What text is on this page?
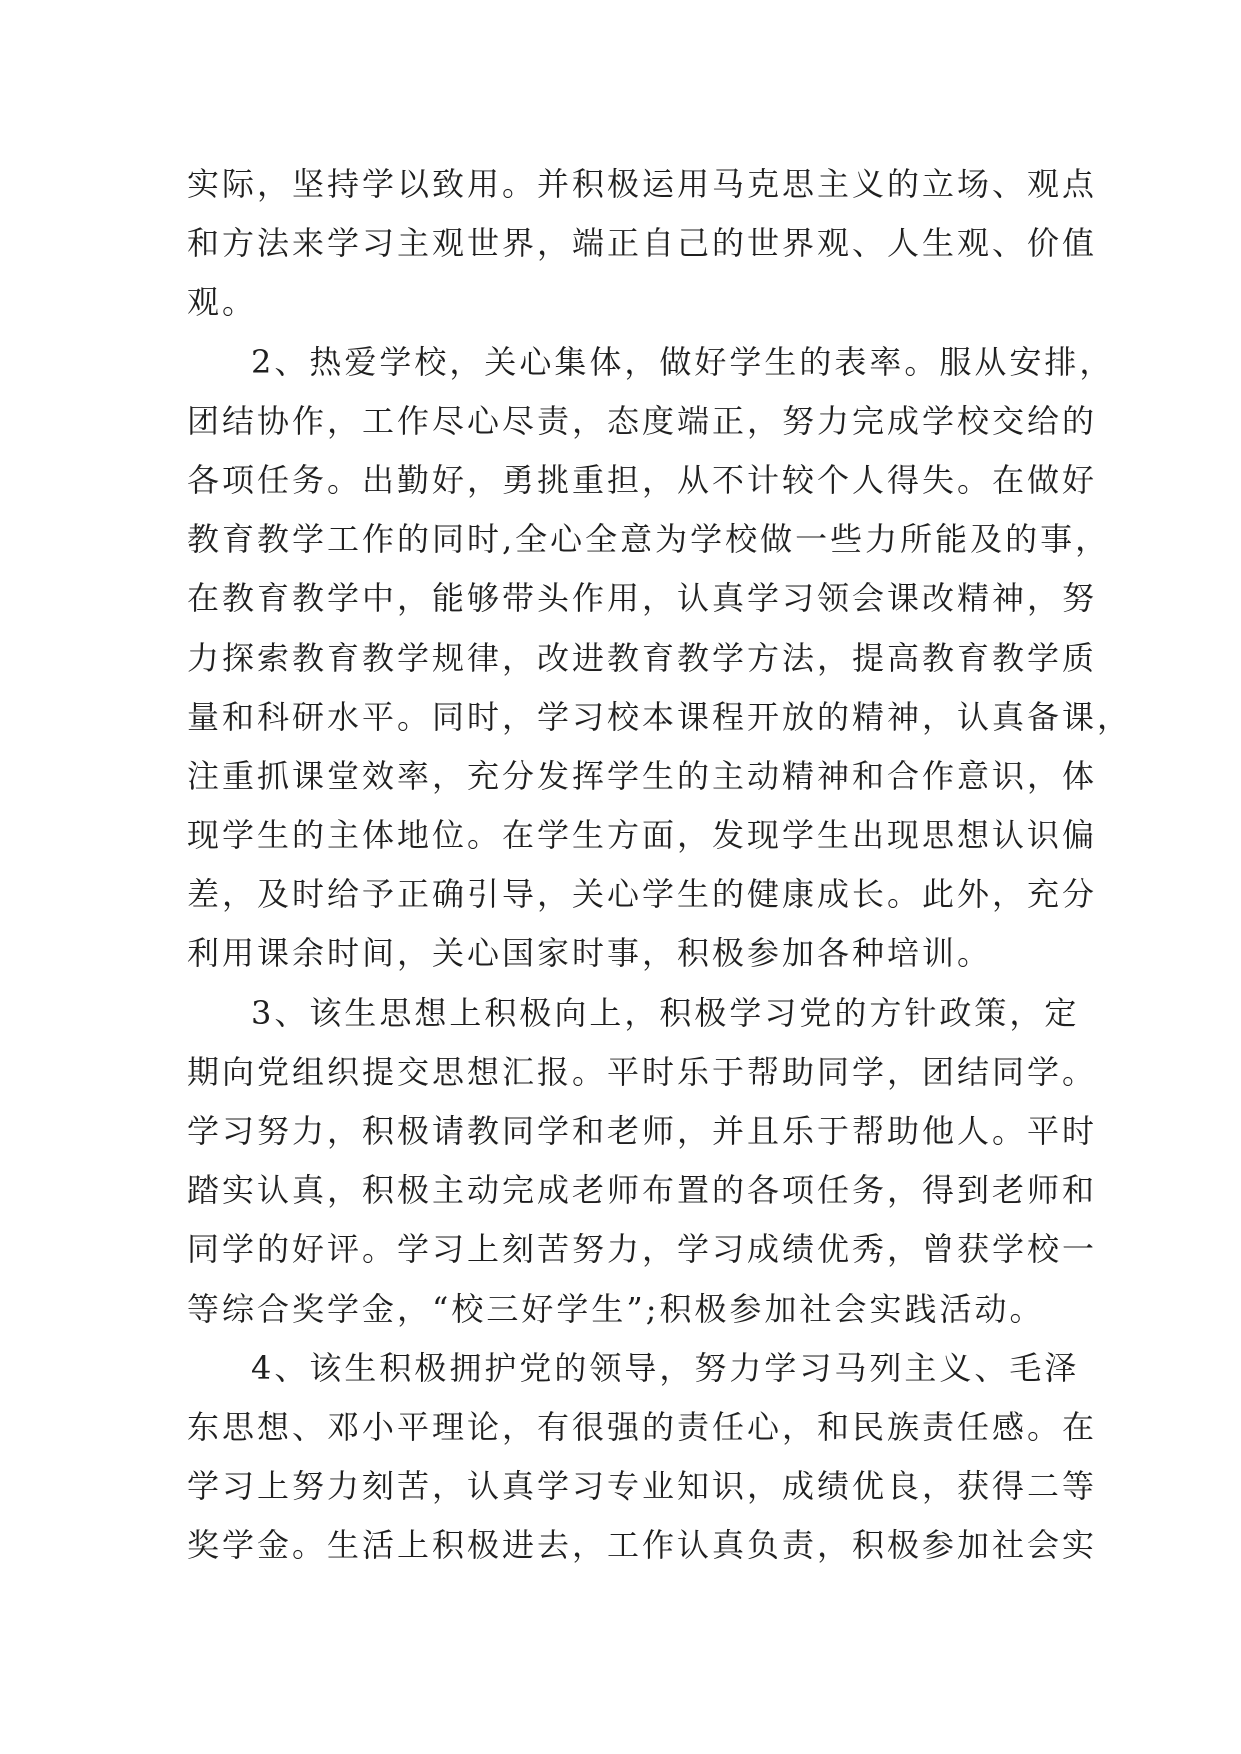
实际，坚持学以致用。并积极运用马克思主义的立场、观点
和方法来学习主观世界，端正自己的世界观、人生观、价值
观。
2、热爱学校，关心集体，做好学生的表率。服从安排，
团结协作，工作尽心尽责，态度端正，努力完成学校交给的
各项任务。出勤好，勇挑重担，从不计较个人得失。在做好
教育教学工作的同时,全心全意为学校做一些力所能及的事，
在教育教学中，能够带头作用，认真学习领会课改精神，努
力探索教育教学规律，改进教育教学方法，提高教育教学质
量和科研水平。同时，学习校本课程开放的精神，认真备课，
注重抓课堂效率，充分发挥学生的主动精神和合作意识，体
现学生的主体地位。在学生方面，发现学生出现思想认识偏
差，及时给予正确引导，关心学生的健康成长。此外，充分
利用课余时间，关心国家时事，积极参加各种培训。
3、该生思想上积极向上，积极学习党的方针政策，定
期向党组织提交思想汇报。平时乐于帮助同学，团结同学。
学习努力，积极请教同学和老师，并且乐于帮助他人。平时
踏实认真，积极主动完成老师布置的各项任务，得到老师和
同学的好评。学习上刻苦努力，学习成绩优秀，曾获学校一
等综合奖学金，“校三好学生”;积极参加社会实践活动。
4、该生积极拥护党的领导，努力学习马列主义、毛泽
东思想、邓小平理论，有很强的责任心，和民族责任感。在
学习上努力刻苦，认真学习专业知识，成绩优良，获得二等
奖学金。生活上积极进去，工作认真负责，积极参加社会实
